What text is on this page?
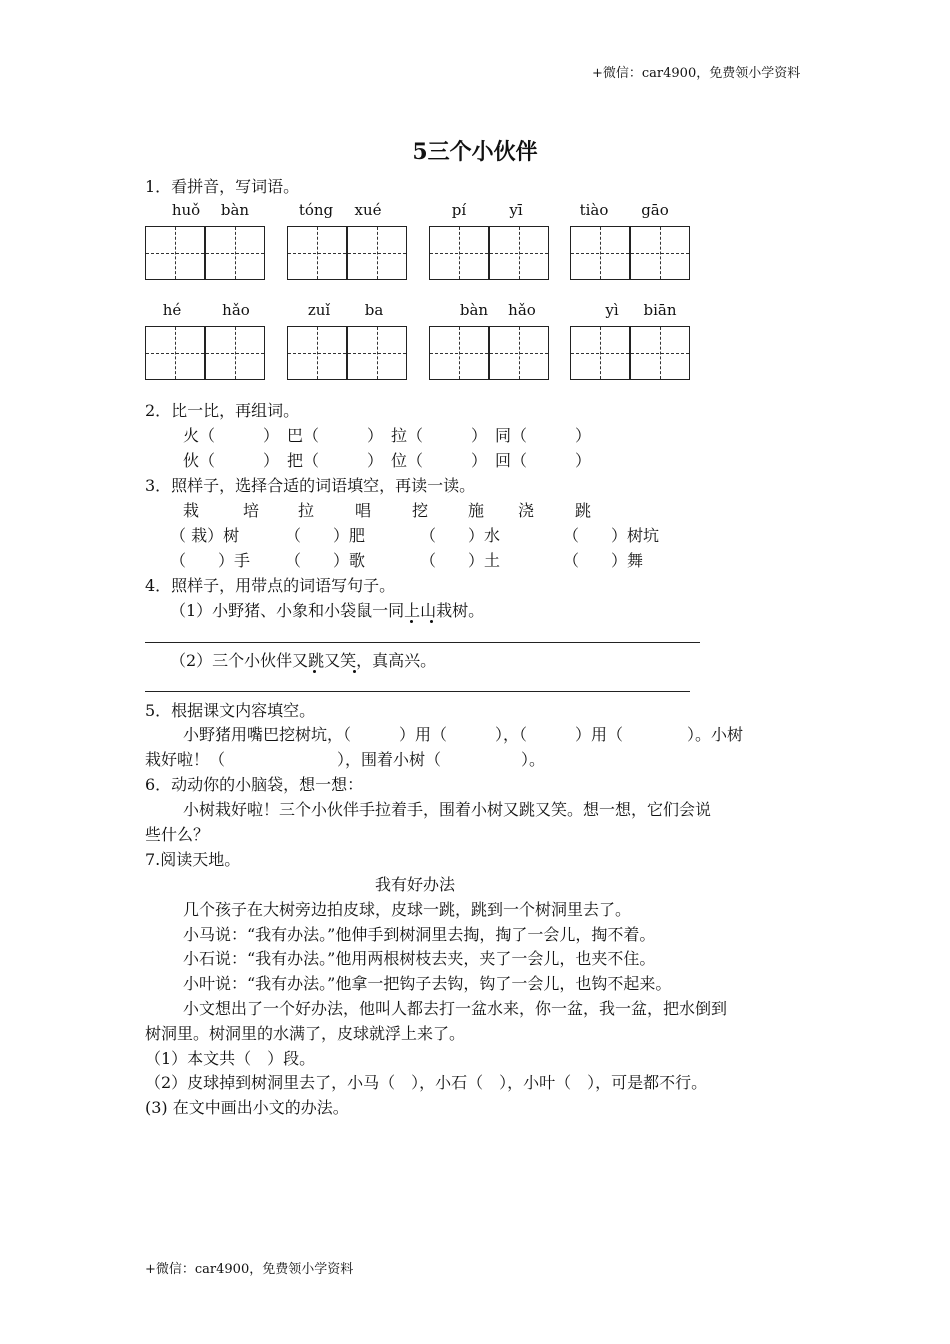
+微信：car4900，免费领小学资料
+微信：car4900，免费领小学资料
5三个小伙伴
1．看拼音，写词语。
huǒ	bàn	tóng	xué	pí	yī	tiào	gāo
hé	hǎo	zuǐ	ba	bàn	hǎo	yì	biān
2．比一比，再组词。
火（　　　）　巴（　　　）　拉（　　　）　同（　　　）
伙（　　　）　把（　　　）　位（　　　）　回（　　　）
3．照样子，选择合适的词语填空，再读一读。
栽	培 拉	唱	挖 施 浇	跳
（ 栽）树	（　　）肥	（　　）水	（　　）树坑
（　　）手 （　　）歌	（　　）土	（　　）舞
4．照样子，用带点的词语写句子。
（1）小野猪、小象和小袋鼠一同上山栽树。
（2）三个小伙伴又跳又笑，真高兴。
5．根据课文内容填空。
小野猪用嘴巴挖树坑，（　　　）用（　　　），（　　　）用（　　　　）。小树
栽好啦！（　　　　　　　），围着小树（　　　　　）。
6．动动你的小脑袋，想一想：
小树栽好啦！三个小伙伴手拉着手，围着小树又跳又笑。想一想，它们会说
些什么？
7.阅读天地。
我有好办法
几个孩子在大树旁边拍皮球，皮球一跳，跳到一个树洞里去了。
小马说：“我有办法。”他伸手到树洞里去掏，掏了一会儿，掏不着。
小石说：“我有办法。”他用两根树枝去夹，夹了一会儿，也夹不住。
小叶说：“我有办法。”他拿一把钩子去钩，钩了一会儿，也钩不起来。
小文想出了一个好办法，他叫人都去打一盆水来，你一盆，我一盆，把水倒到
树洞里。树洞里的水满了，皮球就浮上来了。
（1）本文共（　）段。
（2）皮球掉到树洞里去了，小马（　），小石（　），小叶（　），可是都不行。
(3) 在文中画出小文的办法。
